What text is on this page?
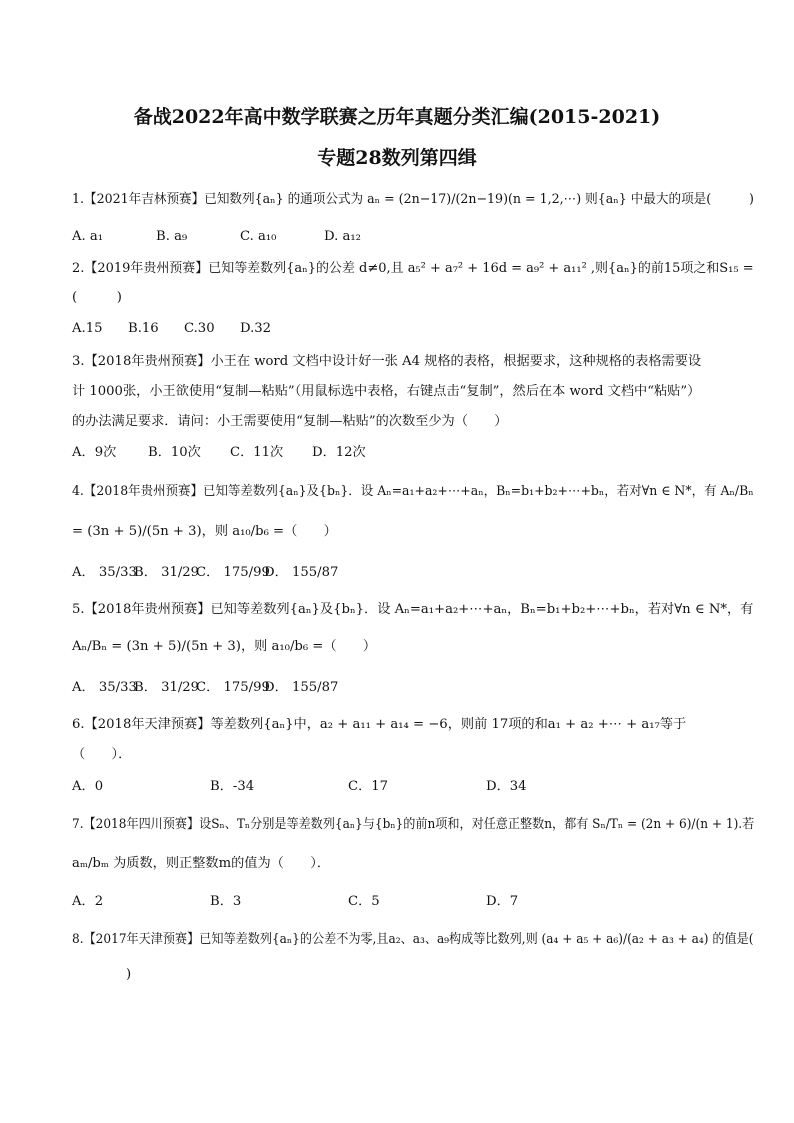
备战2022年高中数学联赛之历年真题分类汇编(2015-2021)
专题28数列第四缉
1.【2021年吉林预赛】已知数列{aₙ} 的通项公式为 aₙ = (2n−17)/(2n−19)(n = 1,2,⋯) 则{aₙ} 中最大的项是(　　　)
A. a₁	B. a₉	C. a₁₀	D. a₁₂
2.【2019年贵州预赛】已知等差数列{aₙ}的公差 d≠0,且 a₅² + a₇² + 16d = a₉² + a₁₁² ,则{aₙ}的前15项之和S₁₅ =
(　　　)
A.15 B.16 C.30 D.32
3.【2018年贵州预赛】小王在 word 文档中设计好一张 A4 规格的表格，根据要求，这种规格的表格需要设
计 1000张，小王欲使用“复制—粘贴”（用鼠标选中表格，右键点击“复制”，然后在本 word 文档中“粘贴”）
的办法满足要求．请问：小王需要使用“复制—粘贴”的次数至少为（　　）
A．9次 B．10次 C．11次 D．12次
4.【2018年贵州预赛】已知等差数列{aₙ}及{bₙ}．设 Aₙ=a₁+a₂+⋯+aₙ，Bₙ=b₁+b₂+⋯+bₙ，若对∀n ∈ N*，有 Aₙ/Bₙ
= (3n + 5)/(5n + 3)，则 a₁₀/b₆ =（　　）
A． 35/33
B． 31/29
C． 175/99
D． 155/87
5.【2018年贵州预赛】已知等差数列{aₙ}及{bₙ}．设 Aₙ=a₁+a₂+⋯+aₙ，Bₙ=b₁+b₂+⋯+bₙ，若对∀n ∈ N*，有
Aₙ/Bₙ = (3n + 5)/(5n + 3)，则 a₁₀/b₆ =（　　）
A． 35/33
B． 31/29
C． 175/99
D． 155/87
6.【2018年天津预赛】等差数列{aₙ}中，a₂ + a₁₁ + a₁₄ = −6，则前 17项的和a₁ + a₂ +⋯ + a₁₇等于
（　　）．
A．0	B．-34	C．17	D．34
7.【2018年四川预赛】设Sₙ、Tₙ分别是等差数列{aₙ}与{bₙ}的前n项和，对任意正整数n，都有 Sₙ/Tₙ = (2n + 6)/(n + 1).若
aₘ/bₘ 为质数，则正整数m的值为（　　）．
A．2	B．3	C．5	D．7
8.【2017年天津预赛】已知等差数列{aₙ}的公差不为零,且a₂、a₃、a₉构成等比数列,则 (a₄ + a₅ + a₆)/(a₂ + a₃ + a₄) 的值是(
)
